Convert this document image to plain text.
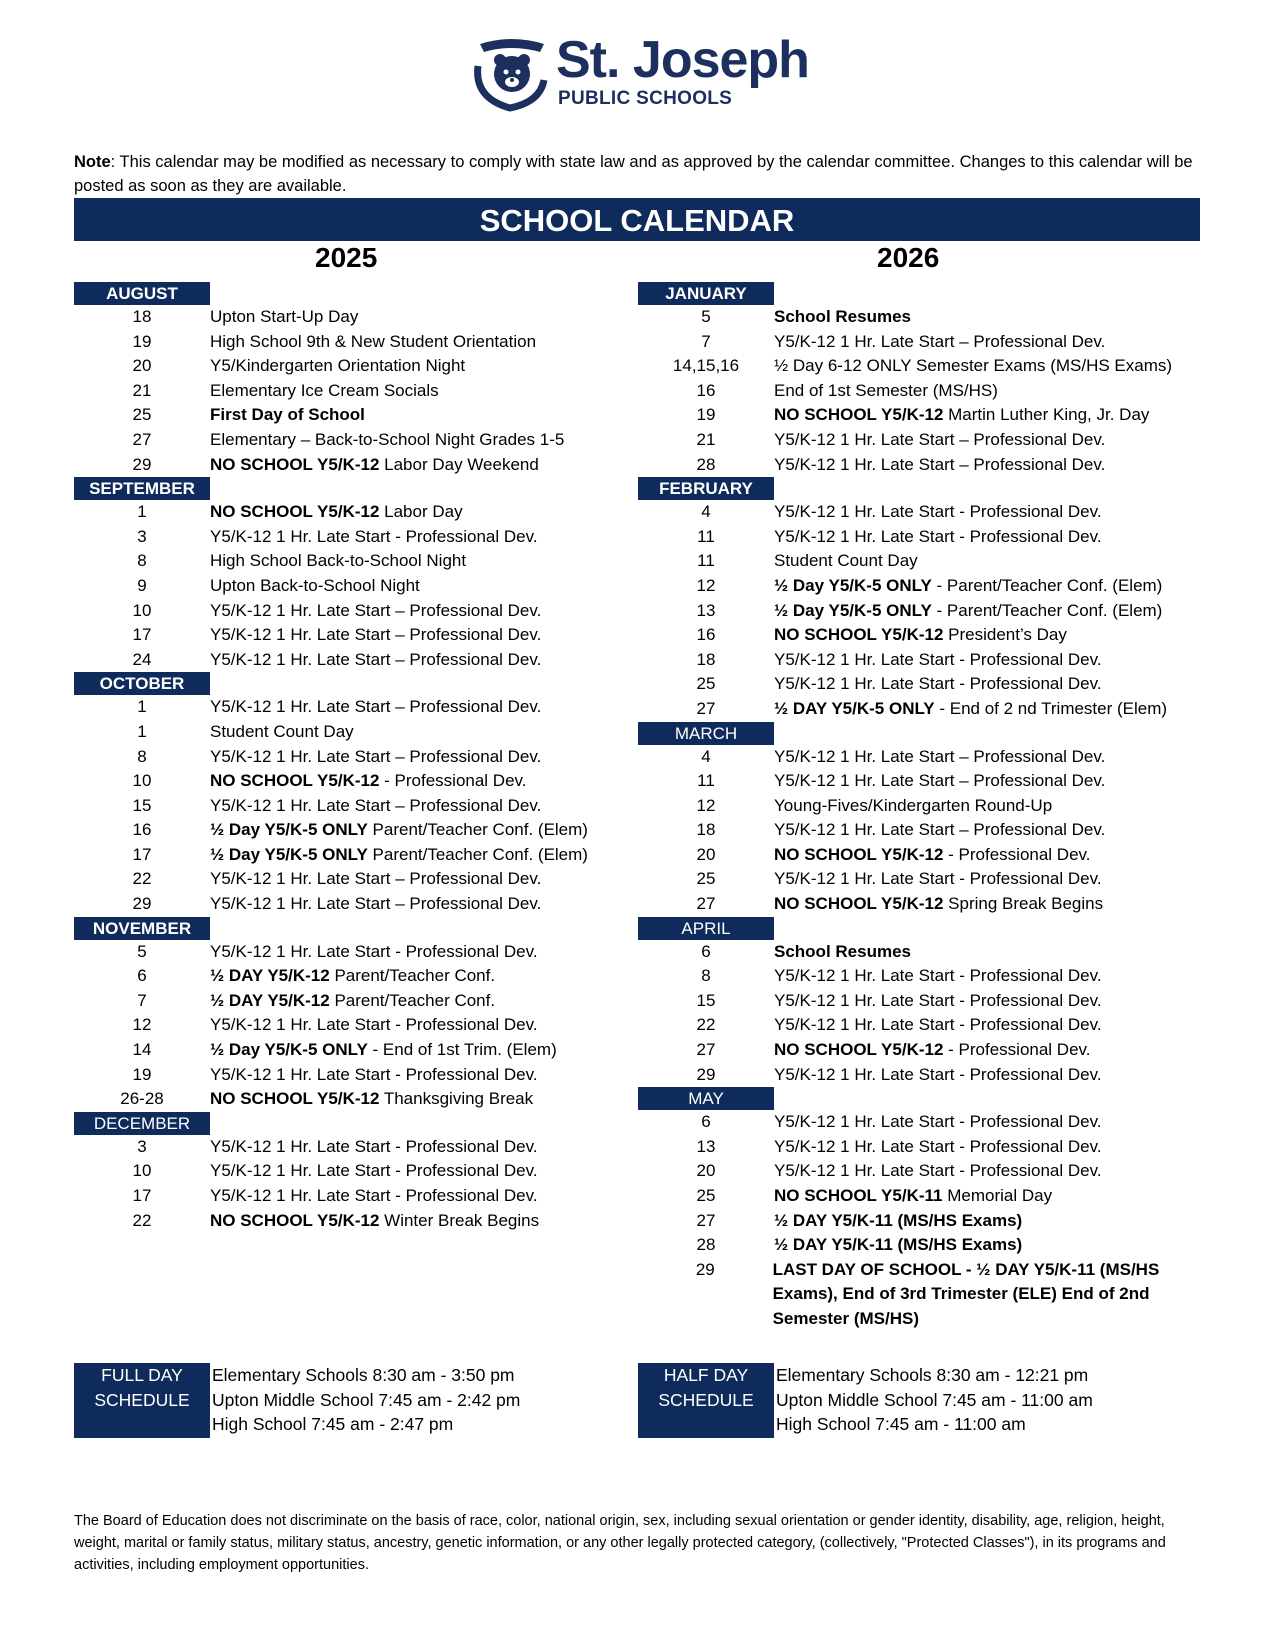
St. Joseph
PUBLIC SCHOOLS
Note: This calendar may be modified as necessary to comply with state law and as approved by the calendar committee. Changes to this calendar will be posted as soon as they are available.
SCHOOL CALENDAR
2025	2026
AUGUST
18	Upton Start-Up Day
19	High School 9th & New Student Orientation
20	Y5/Kindergarten Orientation Night
21	Elementary Ice Cream Socials
25	First Day of School
27	Elementary – Back-to-School Night Grades 1-5
29	NO SCHOOL Y5/K-12 Labor Day Weekend
SEPTEMBER
1	NO SCHOOL Y5/K-12 Labor Day
3	Y5/K-12 1 Hr. Late Start - Professional Dev.
8	High School Back-to-School Night
9	Upton Back-to-School Night
10	Y5/K-12 1 Hr. Late Start – Professional Dev.
17	Y5/K-12 1 Hr. Late Start – Professional Dev.
24	Y5/K-12 1 Hr. Late Start – Professional Dev.
OCTOBER
1	Y5/K-12 1 Hr. Late Start – Professional Dev.
1	Student Count Day
8	Y5/K-12 1 Hr. Late Start – Professional Dev.
10	NO SCHOOL Y5/K-12 - Professional Dev.
15	Y5/K-12 1 Hr. Late Start – Professional Dev.
16	½ Day Y5/K-5 ONLY Parent/Teacher Conf. (Elem)
17	½ Day Y5/K-5 ONLY Parent/Teacher Conf. (Elem)
22	Y5/K-12 1 Hr. Late Start – Professional Dev.
29	Y5/K-12 1 Hr. Late Start – Professional Dev.
NOVEMBER
5	Y5/K-12 1 Hr. Late Start - Professional Dev.
6	½ DAY Y5/K-12 Parent/Teacher Conf.
7	½ DAY Y5/K-12 Parent/Teacher Conf.
12	Y5/K-12 1 Hr. Late Start - Professional Dev.
14	½ Day Y5/K-5 ONLY - End of 1st Trim. (Elem)
19	Y5/K-12 1 Hr. Late Start - Professional Dev.
26-28	NO SCHOOL Y5/K-12 Thanksgiving Break
DECEMBER
3	Y5/K-12 1 Hr. Late Start - Professional Dev.
10	Y5/K-12 1 Hr. Late Start - Professional Dev.
17	Y5/K-12 1 Hr. Late Start - Professional Dev.
22	NO SCHOOL Y5/K-12 Winter Break Begins
JANUARY
5	School Resumes
7	Y5/K-12 1 Hr. Late Start – Professional Dev.
14,15,16	½ Day 6-12 ONLY Semester Exams (MS/HS Exams)
16	End of 1st Semester (MS/HS)
19	NO SCHOOL Y5/K-12 Martin Luther King, Jr. Day
21	Y5/K-12 1 Hr. Late Start – Professional Dev.
28	Y5/K-12 1 Hr. Late Start – Professional Dev.
FEBRUARY
4	Y5/K-12 1 Hr. Late Start - Professional Dev.
11	Y5/K-12 1 Hr. Late Start - Professional Dev.
11	Student Count Day
12	½ Day Y5/K-5 ONLY - Parent/Teacher Conf. (Elem)
13	½ Day Y5/K-5 ONLY - Parent/Teacher Conf. (Elem)
16	NO SCHOOL Y5/K-12 President’s Day
18	Y5/K-12 1 Hr. Late Start - Professional Dev.
25	Y5/K-12 1 Hr. Late Start - Professional Dev.
27	½ DAY Y5/K-5 ONLY - End of 2 nd Trimester (Elem)
MARCH
4	Y5/K-12 1 Hr. Late Start – Professional Dev.
11	Y5/K-12 1 Hr. Late Start – Professional Dev.
12	Young-Fives/Kindergarten Round-Up
18	Y5/K-12 1 Hr. Late Start – Professional Dev.
20	NO SCHOOL Y5/K-12 - Professional Dev.
25	Y5/K-12 1 Hr. Late Start - Professional Dev.
27	NO SCHOOL Y5/K-12 Spring Break Begins
APRIL
6	School Resumes
8	Y5/K-12 1 Hr. Late Start - Professional Dev.
15	Y5/K-12 1 Hr. Late Start - Professional Dev.
22	Y5/K-12 1 Hr. Late Start - Professional Dev.
27	NO SCHOOL Y5/K-12 - Professional Dev.
29	Y5/K-12 1 Hr. Late Start - Professional Dev.
MAY
6	Y5/K-12 1 Hr. Late Start - Professional Dev.
13	Y5/K-12 1 Hr. Late Start - Professional Dev.
20	Y5/K-12 1 Hr. Late Start - Professional Dev.
25	NO SCHOOL Y5/K-11 Memorial Day
27	½ DAY Y5/K-11 (MS/HS Exams)
28	½ DAY Y5/K-11 (MS/HS Exams)
29	LAST DAY OF SCHOOL - ½ DAY Y5/K-11 (MS/HS Exams), End of 3rd Trimester (ELE) End of 2nd Semester (MS/HS)
FULL DAY
SCHEDULE
Elementary Schools 8:30 am - 3:50 pm
Upton Middle School 7:45 am - 2:42 pm
High School 7:45 am - 2:47 pm
HALF DAY
SCHEDULE
Elementary Schools 8:30 am - 12:21 pm
Upton Middle School 7:45 am - 11:00 am
High School 7:45 am - 11:00 am
The Board of Education does not discriminate on the basis of race, color, national origin, sex, including sexual orientation or gender identity, disability, age, religion, height, weight, marital or family status, military status, ancestry, genetic information, or any other legally protected category, (collectively, "Protected Classes"), in its programs and activities, including employment opportunities.
